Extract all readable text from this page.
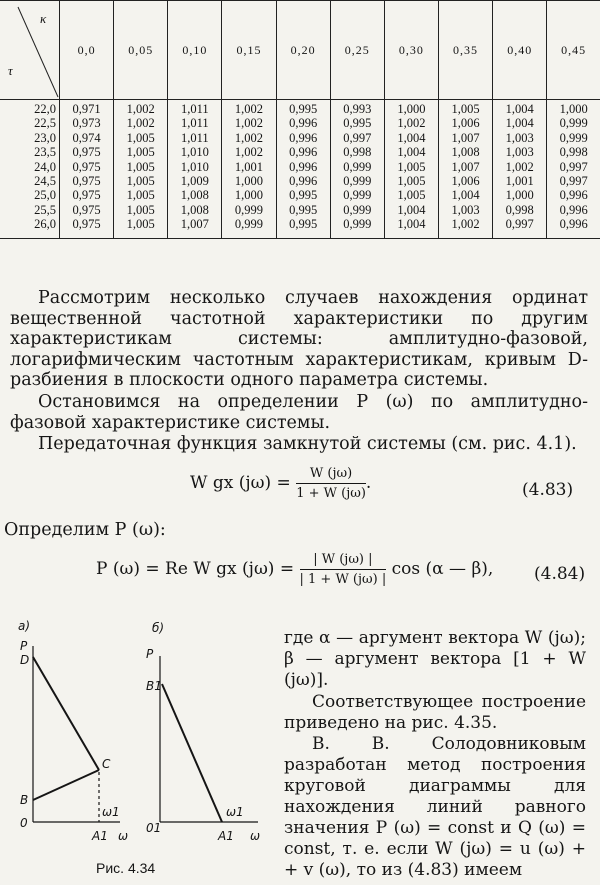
κ
τ	0,0	0,05	0,10	0,15	0,20	0,25	0,30	0,35	0,40	0,45
22,0	0,971	1,002	1,011	1,002	0,995	0,993	1,000	1,005	1,004	1,000
22,5	0,973	1,002	1,011	1,002	0,996	0,995	1,002	1,006	1,004	0,999
23,0	0,974	1,005	1,011	1,002	0,996	0,997	1,004	1,007	1,003	0,999
23,5	0,975	1,005	1,010	1,002	0,996	0,998	1,004	1,008	1,003	0,998
24,0	0,975	1,005	1,010	1,001	0,996	0,999	1,005	1,007	1,002	0,997
24,5	0,975	1,005	1,009	1,000	0,996	0,999	1,005	1,006	1,001	0,997
25,0	0,975	1,005	1,008	1,000	0,995	0,999	1,005	1,004	1,000	0,996
25,5	0,975	1,005	1,008	0,999	0,995	0,999	1,004	1,003	0,998	0,996
26,0	0,975	1,005	1,007	0,999	0,995	0,999	1,004	1,002	0,997	0,996
Рассмотрим несколько случаев нахождения ординат вещественной частотной характеристики по другим характеристикам системы: амплитудно-фазовой, логарифмическим частотным характеристикам, кривым D-разбиения в плоскости одного параметра системы.
Остановимся на определении P (ω) по амплитудно-фазовой характеристике системы.
Передаточная функция замкнутой системы (см. рис. 4.1).
W gx $(j\omega) = \frac{W (j\omega)}{1 + W (j\omega)}$ .	(4.83)
Определим P (ω):
P (ω) = Re W gx $(j\omega) = \frac{| W (j\omega) |}{| 1 + W (j\omega) |}$ cos (α — β), (4.84)
где α — аргумент вектора W (jω); β — аргумент вектора [1 + W (jω)].
Соответствующее построение приведено на рис. 4.35.
В. В. Солодовниковым разработан метод построения круговой диаграммы для нахождения линий равного значения P (ω) = const и Q (ω) = const, т. е. если W (jω) = u (ω) + + v (ω), то из (4.83) имеем
а)
P
D
B
C
0
ω1
A1 ω
б)
P
B1
01
ω1
A1 ω
Рис. 4.34
